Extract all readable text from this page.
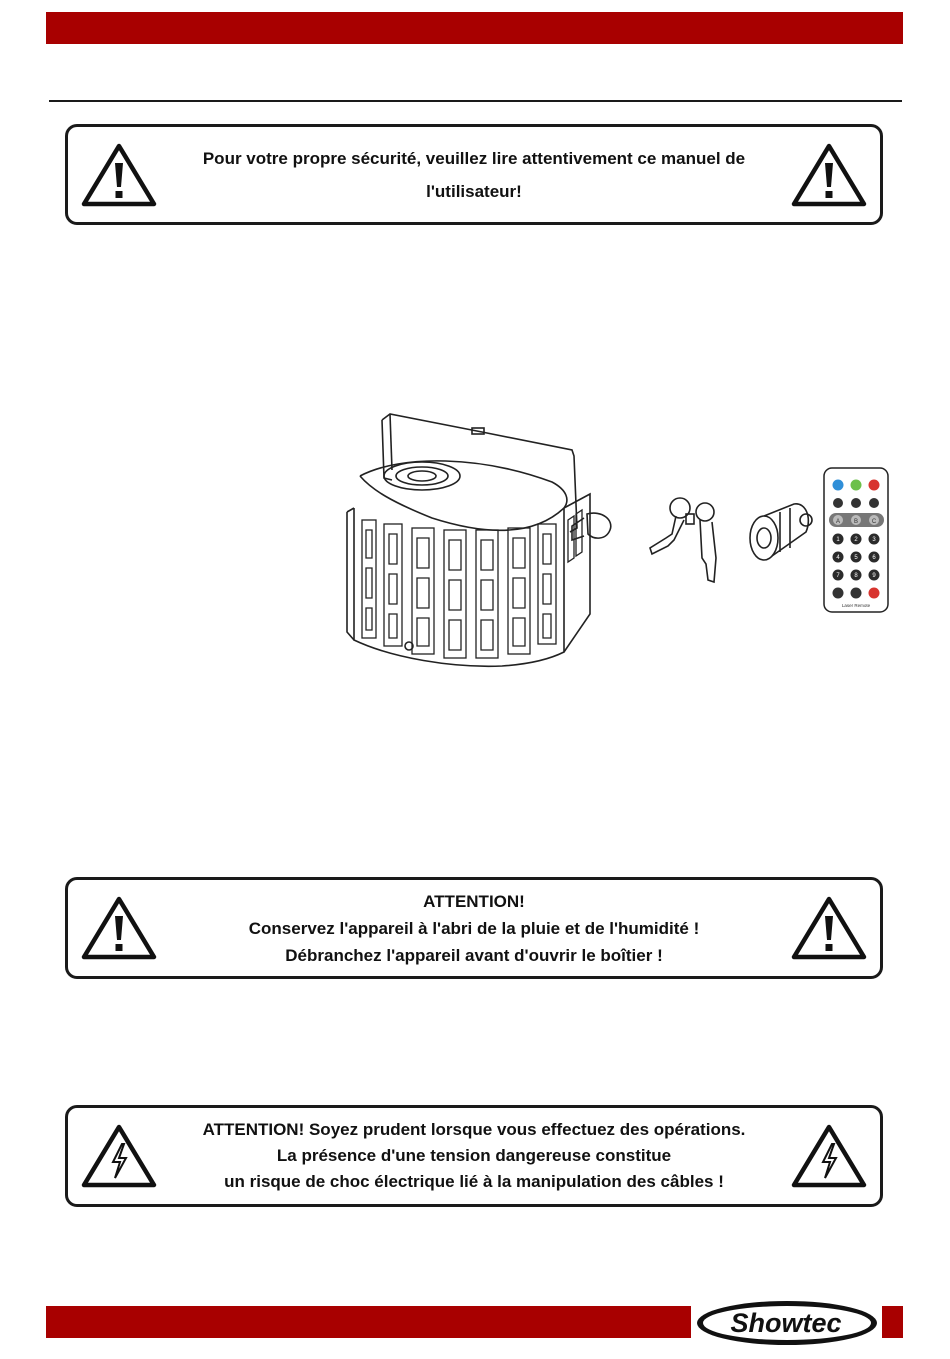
Pour votre propre sécurité, veuillez lire attentivement ce manuel de
l'utilisateur!
A B C
1 2 3
4 5 6
7 8 9
Laser Remote
ATTENTION!
Conservez l'appareil à l'abri de la pluie et de l'humidité !
Débranchez l'appareil avant d'ouvrir le boîtier !
ATTENTION! Soyez prudent lorsque vous effectuez des opérations.
La présence d'une tension dangereuse constitue
un risque de choc électrique lié à la manipulation des câbles !
Showtec
